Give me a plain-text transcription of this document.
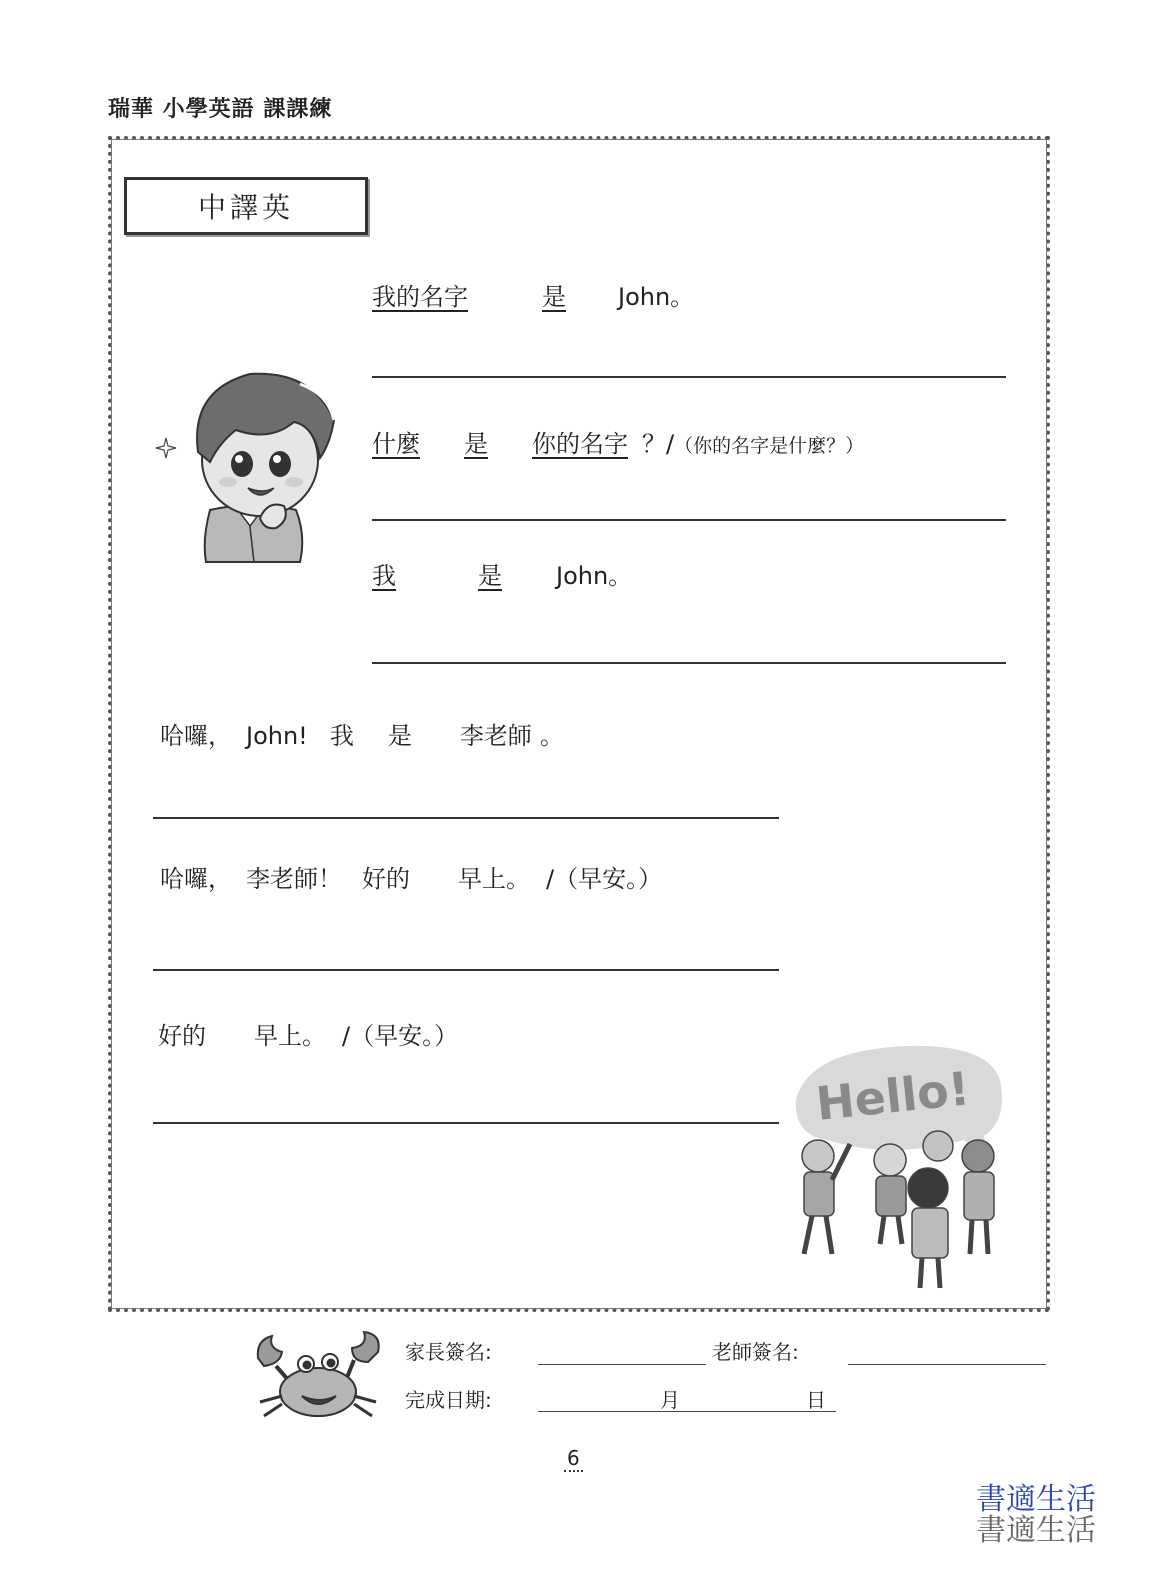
瑞華 小學英語 課課練
中譯英
我的名字	是 John。
什麼 是 你的名字 ？/（你的名字是什麼？）
我	是 John。
哈囉， John! 我 是 李老師 。
哈囉， 李老師！ 好的 早上。 /（早安。）
好的 早上。 /（早安。）
Hello!
家長簽名:	老師簽名:
完成日期:	月	日
6
書適生活
書適生活
